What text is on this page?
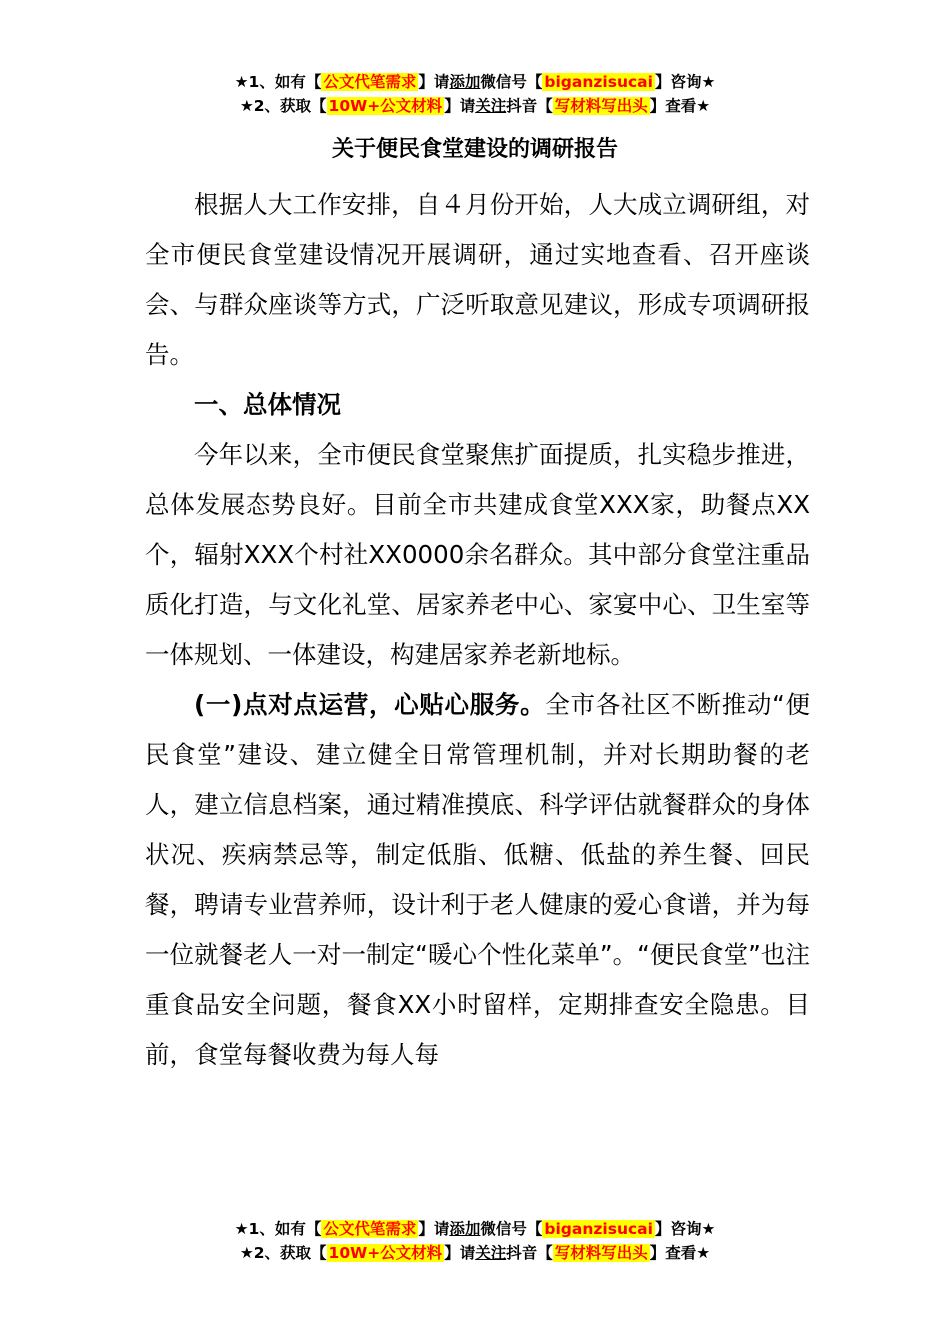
★1、如有【 公文代笔需求 】请添加微信号【 biganzisucai 】咨询★
★2、获取【 10W+公文材料 】请关注抖音【 写材料写出头 】查看★
关于便民食堂建设的调研报告

根据人大工作安排，自４月份开始，人大成立调研组，对全市便民食堂建设情况开展调研，通过实地查看、召开座谈会、与群众座谈等方式，广泛听取意见建议，形成专项调研报告。

一、总体情况

今年以来，全市便民食堂聚焦扩面提质，扎实稳步推进，总体发展态势良好。目前全市共建成食堂XXX家，助餐点XX个，辐射XXX个村社XX0000余名群众。其中部分食堂注重品质化打造，与文化礼堂、居家养老中心、家宴中心、卫生室等一体规划、一体建设，构建居家养老新地标。

(一)点对点运营，心贴心服务。全市各社区不断推动“便民食堂”建设、建立健全日常管理机制，并对长期助餐的老人，建立信息档案，通过精准摸底、科学评估就餐群众的身体状况、疾病禁忌等，制定低脂、低糖、低盐的养生餐、回民餐，聘请专业营养师，设计利于老人健康的爱心食谱，并为每一位就餐老人一对一制定“暖心个性化菜单”。“便民食堂”也注重食品安全问题，餐食XX小时留样，定期排查安全隐患。目前，食堂每餐收费为每人每

★1、如有【 公文代笔需求 】请添加微信号【 biganzisucai 】咨询★
★2、获取【 10W+公文材料 】请关注抖音【 写材料写出头 】查看★
